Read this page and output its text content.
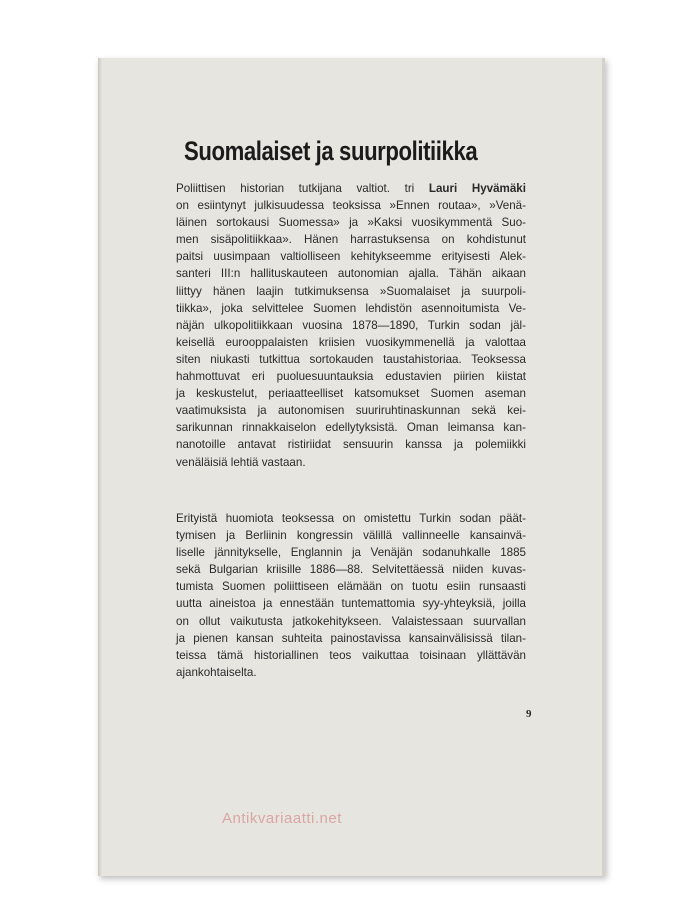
Suomalaiset ja suurpolitiikka

Poliittisen historian tutkijana valtiot. tri Lauri Hyvämäki
on esiintynyt julkisuudessa teoksissa »Ennen routaa», »Venä-
läinen sortokausi Suomessa» ja »Kaksi vuosikymmentä Suo-
men sisäpolitiikkaa». Hänen harrastuksensa on kohdistunut
paitsi uusimpaan valtiolliseen kehitykseemme erityisesti Alek-
santeri III:n hallituskauteen autonomian ajalla. Tähän aikaan
liittyy hänen laajin tutkimuksensa »Suomalaiset ja suurpoli-
tiikka», joka selvittelee Suomen lehdistön asennoitumista Ve-
näjän ulkopolitiikkaan vuosina 1878—1890, Turkin sodan jäl-
keisellä eurooppalaisten kriisien vuosikymmenellä ja valottaa
siten niukasti tutkittua sortokauden taustahistoriaa. Teoksessa
hahmottuvat eri puoluesuuntauksia edustavien piirien kiistat
ja keskustelut, periaatteelliset katsomukset Suomen aseman
vaatimuksista ja autonomisen suuriruhtinaskunnan sekä kei-
sarikunnan rinnakkaiselon edellytyksistä. Oman leimansa kan-
nanotoille antavat ristiriidat sensuurin kanssa ja polemiikki
venäläisiä lehtiä vastaan.

Erityistä huomiota teoksessa on omistettu Turkin sodan päät-
tymisen ja Berliinin kongressin välillä vallinneelle kansainvä-
liselle jännitykselle, Englannin ja Venäjän sodanuhkalle 1885
sekä Bulgarian kriisille 1886—88. Selvitettäessä niiden kuvas-
tumista Suomen poliittiseen elämään on tuotu esiin runsaasti
uutta aineistoa ja ennestään tuntemattomia syy-yhteyksiä, joilla
on ollut vaikutusta jatkokehitykseen. Valaistessaan suurvallan
ja pienen kansan suhteita painostavissa kansainvälisissä tilan-
teissa tämä historiallinen teos vaikuttaa toisinaan yllättävän
ajankohtaiselta.

9
Antikvariaatti.net
